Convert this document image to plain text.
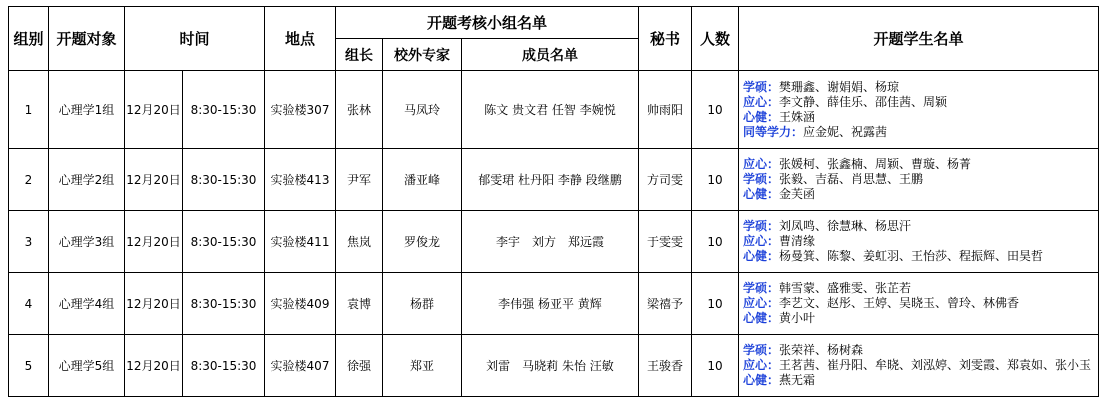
组别	开题对象	时间		地点	开题考核小组名单			秘书	人数	开题学生名单
					组长	校外专家	成员名单			
1	心理学1组	12月20日	8:30-15:30	实验楼307	张林	马凤玲	陈文 贵文君 任智 李婉悦	帅雨阳	10	学硕：樊珊鑫、谢娟娟、杨琼
应心：李文静、薛佳乐、邵佳茜、周颖
心健：王姝涵
同等学力：应金妮、祝露茜

2	心理学2组	12月20日	8:30-15:30	实验楼413	尹军	潘亚峰	郁雯珺 杜丹阳 李静 段继鹏	方司雯	10	应心：张媛柯、张鑫楠、周颖、曹璇、杨菁
学硕：张毅、吉磊、肖思慧、王鹏
心健：金芙函

3	心理学3组	12月20日	8:30-15:30	实验楼411	焦岚	罗俊龙	李宇　刘方　郑远霞	于雯雯	10	学硕：刘凤鸣、徐慧琳、杨思汗
应心：曹清缘
心健：杨曼箕、陈黎、姜虹羽、王怡莎、程振辉、田昊哲

4	心理学4组	12月20日	8:30-15:30	实验楼409	袁博	杨群	李伟强 杨亚平 黄辉	梁禧予	10	学硕：韩雪蒙、盛雅雯、张芷若
应心：李艺文、赵彤、王婷、吴晓玉、曾玲、林佛香
心健：黄小叶

5	心理学5组	12月20日	8:30-15:30	实验楼407	徐强	郑亚	刘雷　马晓莉 朱怡 汪敏	王骏香	10	学硕：张荣祥、杨树森
应心：王茗茜、崔丹阳、牟晓、刘泓婷、刘雯霞、郑袁如、张小玉
心健：燕无霜
